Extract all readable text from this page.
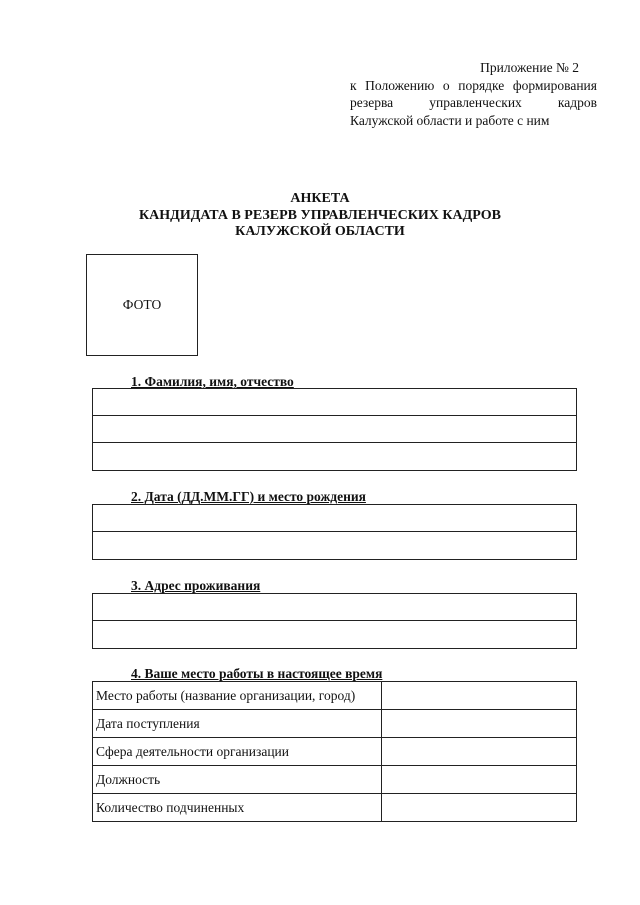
Приложение № 2
к Положению о порядке формирования
резерва управленческих кадров
Калужской области и работе с ним
АНКЕТА
КАНДИДАТА В РЕЗЕРВ УПРАВЛЕНЧЕСКИХ КАДРОВ
КАЛУЖСКОЙ ОБЛАСТИ
ФОТО
1. Фамилия, имя, отчество
2. Дата (ДД.ММ.ГГ) и место рождения
3. Адрес проживания
4. Ваше место работы в настоящее время
Место работы (название организации, город)	
Дата поступления	
Сфера деятельности организации	
Должность	
Количество подчиненных	
